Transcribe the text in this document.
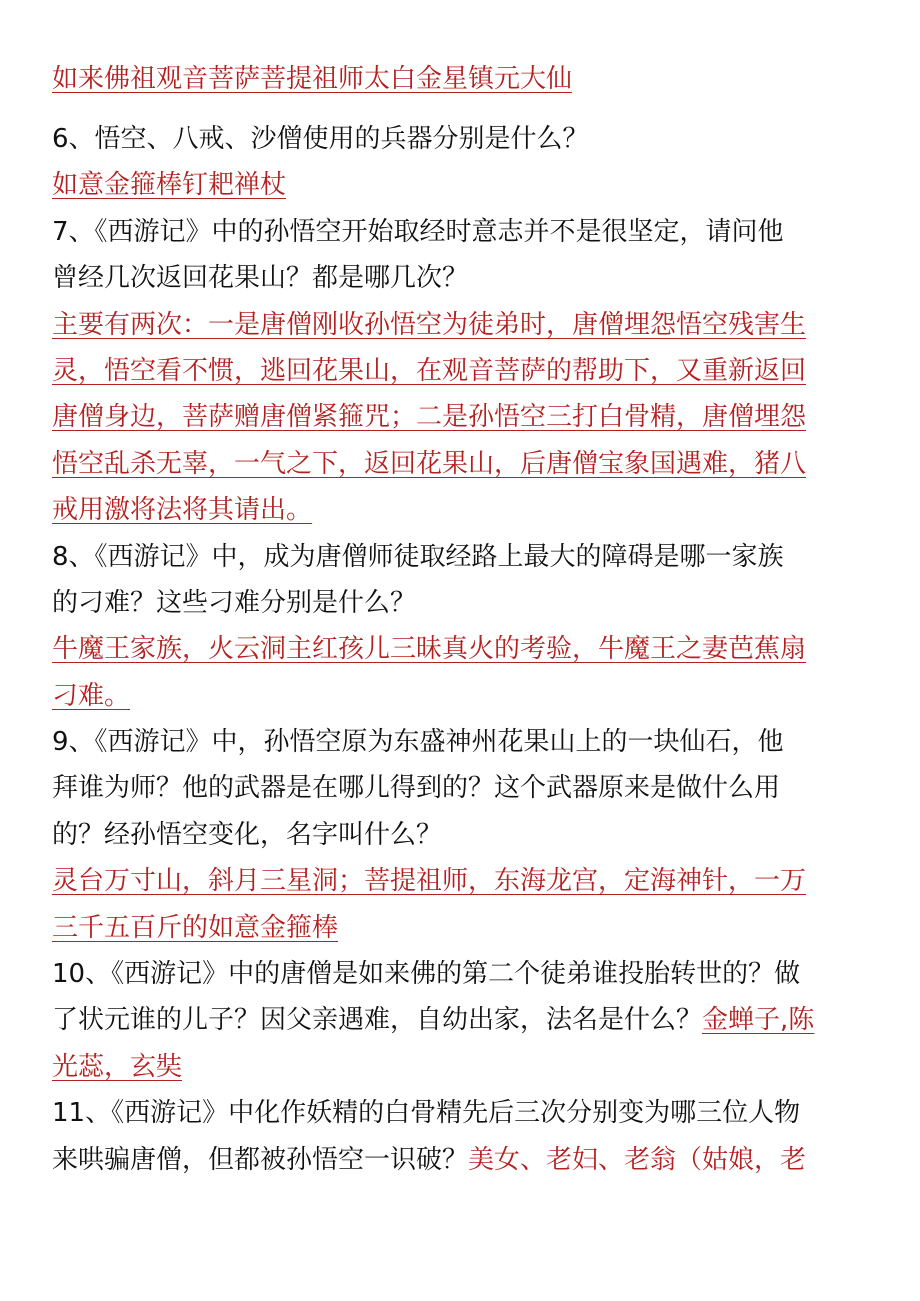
如来佛祖观音菩萨菩提祖师太白金星镇元大仙
6、悟空、八戒、沙僧使用的兵器分别是什么？
如意金箍棒钉耙禅杖
7、《西游记》中的孙悟空开始取经时意志并不是很坚定，请问他
曾经几次返回花果山？都是哪几次？
主要有两次：一是唐僧刚收孙悟空为徒弟时，唐僧埋怨悟空残害生
灵，悟空看不惯，逃回花果山，在观音菩萨的帮助下，又重新返回
唐僧身边，菩萨赠唐僧紧箍咒；二是孙悟空三打白骨精，唐僧埋怨
悟空乱杀无辜，一气之下，返回花果山，后唐僧宝象国遇难，猪八
戒用激将法将其请出。
8、《西游记》中，成为唐僧师徒取经路上最大的障碍是哪一家族
的刁难？这些刁难分别是什么？
牛魔王家族，火云洞主红孩儿三昧真火的考验，牛魔王之妻芭蕉扇
刁难。
9、《西游记》中，孙悟空原为东盛神州花果山上的一块仙石，他
拜谁为师？他的武器是在哪儿得到的？这个武器原来是做什么用
的？经孙悟空变化，名字叫什么？
灵台万寸山，斜月三星洞；菩提祖师，东海龙宫，定海神针，一万
三千五百斤的如意金箍棒
10、《西游记》中的唐僧是如来佛的第二个徒弟谁投胎转世的？做
了状元谁的儿子？因父亲遇难，自幼出家，法名是什么？金蝉子,陈
光蕊，玄奘
11、《西游记》中化作妖精的白骨精先后三次分别变为哪三位人物
来哄骗唐僧，但都被孙悟空一识破？美女、老妇、老翁（姑娘，老
